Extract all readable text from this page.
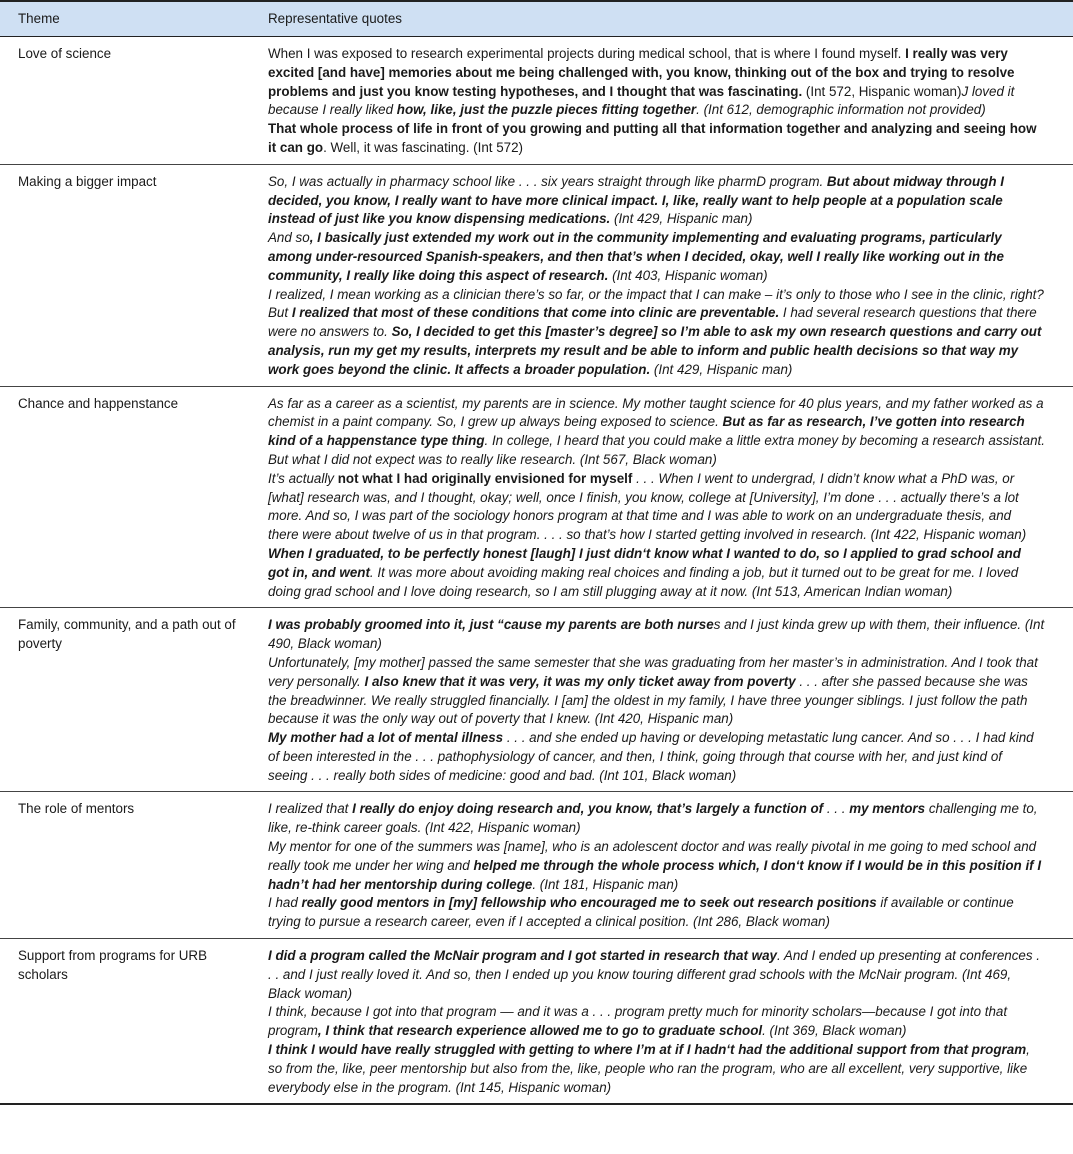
Theme	Representative quotes
Love of science	When I was exposed to research experimental projects during medical school, that is where I found myself. I really was very excited [and have] memories about me being challenged with, you know, thinking out of the box and trying to resolve problems and just you know testing hypotheses, and I thought that was fascinating. (Int 572, Hispanic woman)J loved it because I really liked how, like, just the puzzle pieces fitting together. (Int 612, demographic information not provided)
That whole process of life in front of you growing and putting all that information together and analyzing and seeing how it can go. Well, it was fascinating. (Int 572)

Making a bigger impact	So, I was actually in pharmacy school like . . . six years straight through like pharmD program. But about midway through I decided, you know, I really want to have more clinical impact. I, like, really want to help people at a population scale instead of just like you know dispensing medications. (Int 429, Hispanic man)
And so, I basically just extended my work out in the community implementing and evaluating programs, particularly among under-resourced Spanish-speakers, and then that’s when I decided, okay, well I really like working out in the community, I really like doing this aspect of research. (Int 403, Hispanic woman)
I realized, I mean working as a clinician there’s so far, or the impact that I can make – it’s only to those who I see in the clinic, right? But I realized that most of these conditions that come into clinic are preventable. I had several research questions that there were no answers to. So, I decided to get this [master’s degree] so I’m able to ask my own research questions and carry out analysis, run my get my results, interprets my result and be able to inform and public health decisions so that way my work goes beyond the clinic. It affects a broader population. (Int 429, Hispanic man)

Chance and happenstance	As far as a career as a scientist, my parents are in science. My mother taught science for 40 plus years, and my father worked as a chemist in a paint company. So, I grew up always being exposed to science. But as far as research, I’ve gotten into research kind of a happenstance type thing. In college, I heard that you could make a little extra money by becoming a research assistant. But what I did not expect was to really like research. (Int 567, Black woman)
It’s actually not what I had originally envisioned for myself . . . When I went to undergrad, I didn’t know what a PhD was, or [what] research was, and I thought, okay; well, once I finish, you know, college at [University], I’m done . . . actually there’s a lot more. And so, I was part of the sociology honors program at that time and I was able to work on an undergraduate thesis, and there were about twelve of us in that program. . . . so that’s how I started getting involved in research. (Int 422, Hispanic woman)
When I graduated, to be perfectly honest [laugh] I just didn‘t know what I wanted to do, so I applied to grad school and got in, and went. It was more about avoiding making real choices and finding a job, but it turned out to be great for me. I loved doing grad school and I love doing research, so I am still plugging away at it now. (Int 513, American Indian woman)

Family, community, and a path out of poverty	I was probably groomed into it, just “cause my parents are both nurses and I just kinda grew up with them, their influence. (Int 490, Black woman)
Unfortunately, [my mother] passed the same semester that she was graduating from her master’s in administration. And I took that very personally. I also knew that it was very, it was my only ticket away from poverty . . . after she passed because she was the breadwinner. We really struggled financially. I [am] the oldest in my family, I have three younger siblings. I just follow the path because it was the only way out of poverty that I knew. (Int 420, Hispanic man)
My mother had a lot of mental illness . . . and she ended up having or developing metastatic lung cancer. And so . . . I had kind of been interested in the . . . pathophysiology of cancer, and then, I think, going through that course with her, and just kind of seeing . . . really both sides of medicine: good and bad. (Int 101, Black woman)

The role of mentors	I realized that I really do enjoy doing research and, you know, that’s largely a function of . . . my mentors challenging me to, like, re-think career goals. (Int 422, Hispanic woman)
My mentor for one of the summers was [name], who is an adolescent doctor and was really pivotal in me going to med school and really took me under her wing and helped me through the whole process which, I don‘t know if I would be in this position if I hadn’t had her mentorship during college. (Int 181, Hispanic man)
I had really good mentors in [my] fellowship who encouraged me to seek out research positions if available or continue trying to pursue a research career, even if I accepted a clinical position. (Int 286, Black woman)

Support from programs for URB scholars	I did a program called the McNair program and I got started in research that way. And I ended up presenting at conferences . . . and I just really loved it. And so, then I ended up you know touring different grad schools with the McNair program. (Int 469, Black woman)
I think, because I got into that program — and it was a . . . program pretty much for minority scholars—because I got into that program, I think that research experience allowed me to go to graduate school. (Int 369, Black woman)
I think I would have really struggled with getting to where I’m at if I hadn‘t had the additional support from that program, so from the, like, peer mentorship but also from the, like, people who ran the program, who are all excellent, very supportive, like everybody else in the program. (Int 145, Hispanic woman)
